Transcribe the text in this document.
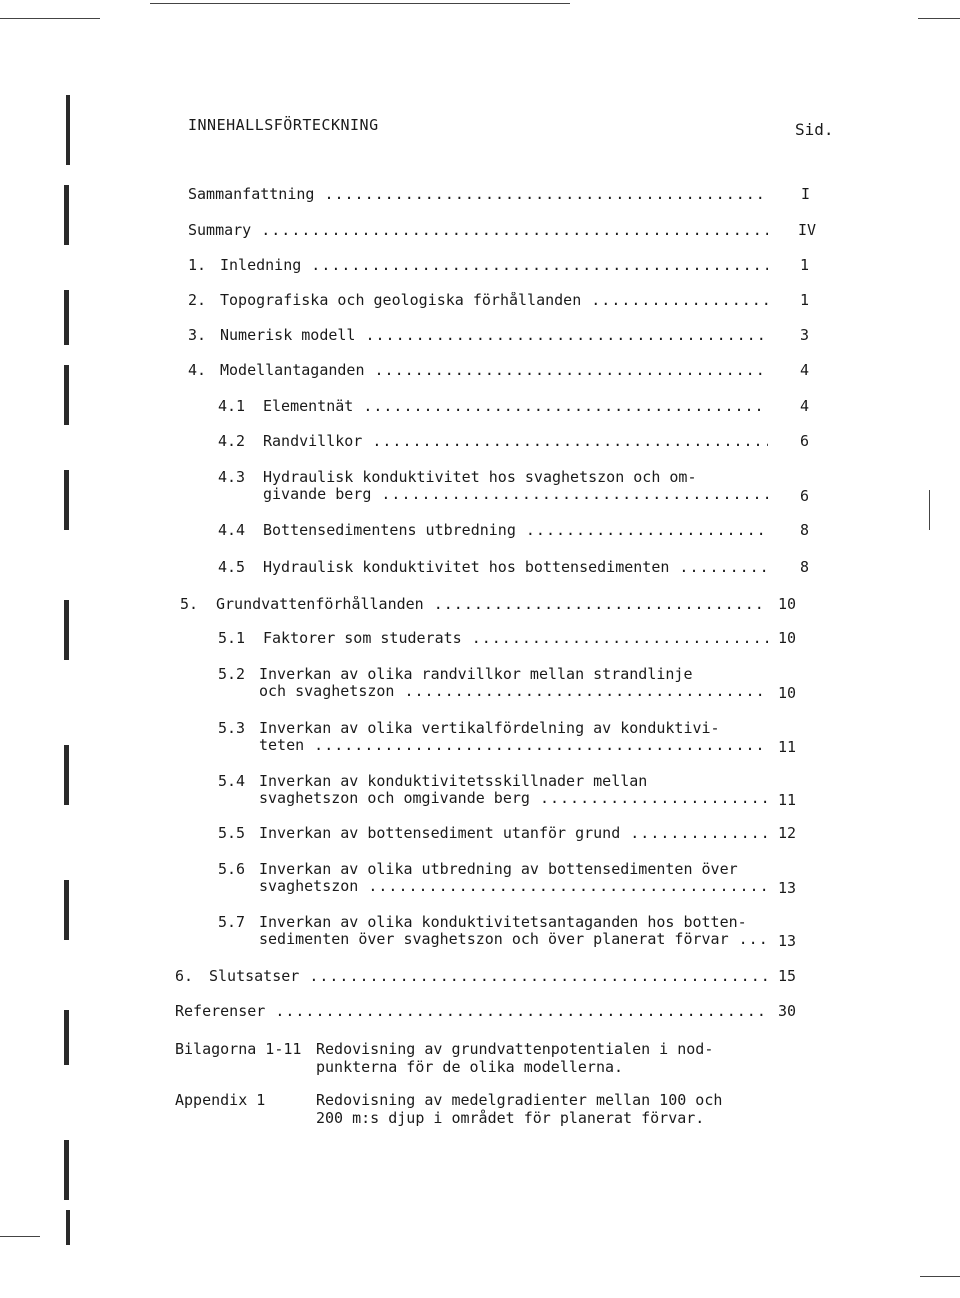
INNEHALLSFÖRTECKNING	Sid.
Sammanfattning .....	I
Summary .....	IV
1. Inledning .....	1
2. Topografiska och geologiska förhållanden .....	1
3. Numerisk modell .....	3
4. Modellantaganden .....	4
4.1 Elementnät .....	4
4.2 Randvillkor .....	6
4.3 Hydraulisk konduktivitet hos svaghetszon och om-
givande berg .....	6
4.4 Bottensedimentens utbredning .....	8
4.5 Hydraulisk konduktivitet hos bottensedimenten .....	8
5. Grundvattenförhållanden .....	10
5.1 Faktorer som studerats .....	10
5.2 Inverkan av olika randvillkor mellan strandlinje
och svaghetszon .....	10
5.3 Inverkan av olika vertikalfördelning av konduktivi-
teten .....	11
5.4 Inverkan av konduktivitetsskillnader mellan
svaghetszon och omgivande berg .....	11
5.5 Inverkan av bottensediment utanför grund .....	12
5.6 Inverkan av olika utbredning av bottensedimenten över
svaghetszon .....	13
5.7 Inverkan av olika konduktivitetsantaganden hos botten-
sedimenten över svaghetszon och över planerat förvar .....	13
6. Slutsatser .....	15
Referenser .....	30
Bilagorna 1-11 Redovisning av grundvattenpotentialen i nod-
punkterna för de olika modellerna.
Appendix 1	Redovisning av medelgradienter mellan 100 och
200 m:s djup i området för planerat förvar.
